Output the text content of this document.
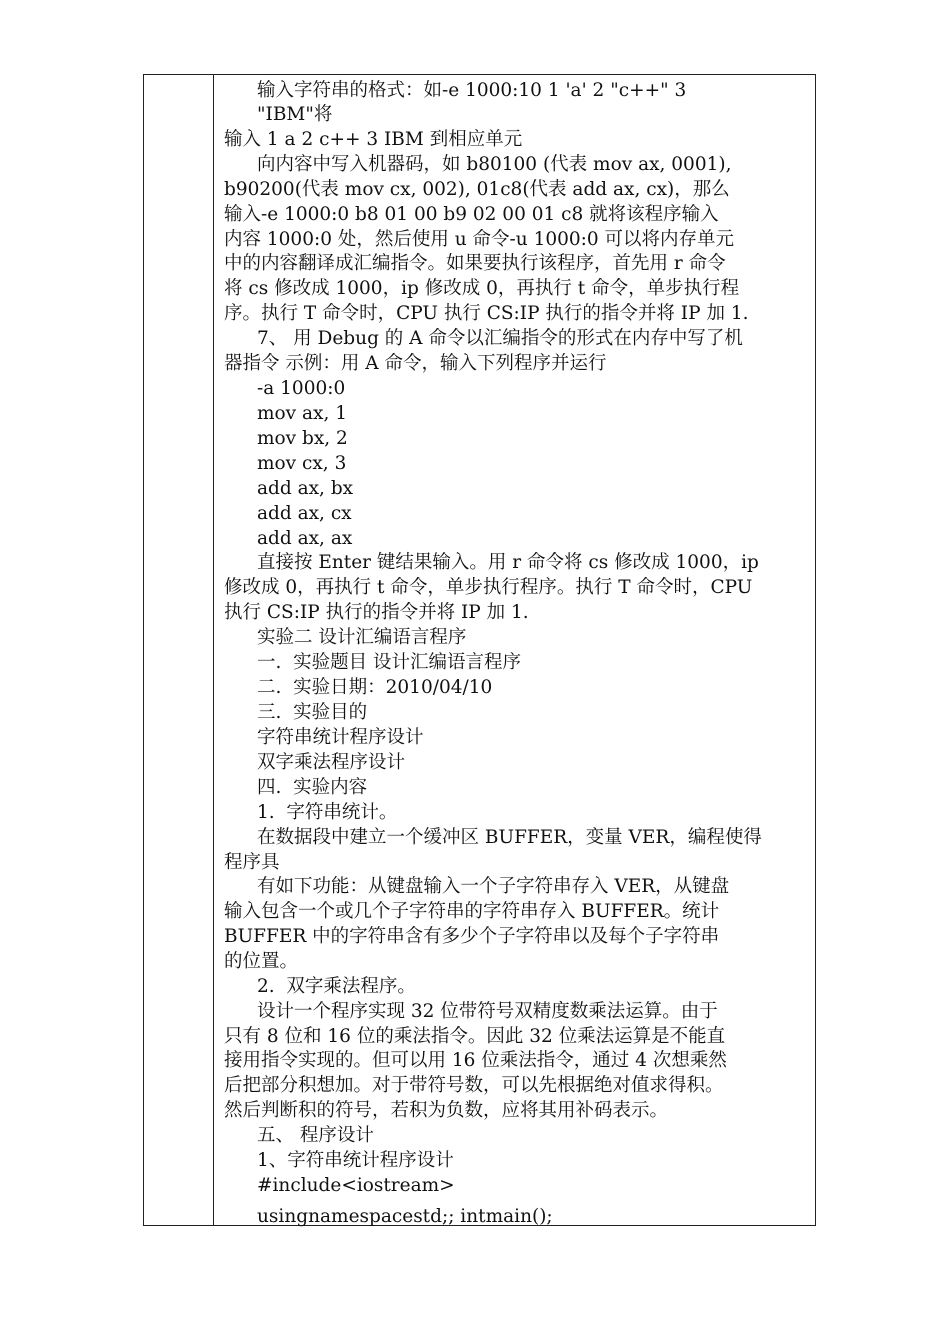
输入字符串的格式：如-e 1000:10 1 'a' 2 "c++" 3
"IBM"将
输入 1 a 2 c++ 3 IBM 到相应单元
向内容中写入机器码，如 b80100 (代表 mov ax, 0001),
b90200(代表 mov cx, 002), 01c8(代表 add ax, cx)，那么
输入-e 1000:0 b8 01 00 b9 02 00 01 c8 就将该程序输入
内容 1000:0 处，然后使用 u 命令-u 1000:0 可以将内存单元
中的内容翻译成汇编指令。如果要执行该程序，首先用 r 命令
将 cs 修改成 1000，ip 修改成 0，再执行 t 命令，单步执行程
序。执行 T 命令时，CPU 执行 CS:IP 执行的指令并将 IP 加 1.
7、 用 Debug 的 A 命令以汇编指令的形式在内存中写了机
器指令 示例：用 A 命令，输入下列程序并运行
-a 1000:0
mov ax, 1
mov bx, 2
mov cx, 3
add ax, bx
add ax, cx
add ax, ax
直接按 Enter 键结果输入。用 r 命令将 cs 修改成 1000，ip
修改成 0，再执行 t 命令，单步执行程序。执行 T 命令时，CPU
执行 CS:IP 执行的指令并将 IP 加 1.
实验二 设计汇编语言程序
一.  实验题目 设计汇编语言程序
二.  实验日期：2010/04/10
三.  实验目的
字符串统计程序设计
双字乘法程序设计
四.  实验内容
1.  字符串统计。
在数据段中建立一个缓冲区 BUFFER，变量 VER，编程使得
程序具
有如下功能：从键盘输入一个子字符串存入 VER，从键盘
输入包含一个或几个子字符串的字符串存入 BUFFER。统计
BUFFER 中的字符串含有多少个子字符串以及每个子字符串
的位置。
2.  双字乘法程序。
设计一个程序实现 32 位带符号双精度数乘法运算。由于
只有 8 位和 16 位的乘法指令。因此 32 位乘法运算是不能直
接用指令实现的。但可以用 16 位乘法指令，通过 4 次想乘然
后把部分积想加。对于带符号数，可以先根据绝对值求得积。
然后判断积的符号，若积为负数，应将其用补码表示。
五、 程序设计
1、字符串统计程序设计
#include<iostream>
usingnamespacestd;; intmain();
